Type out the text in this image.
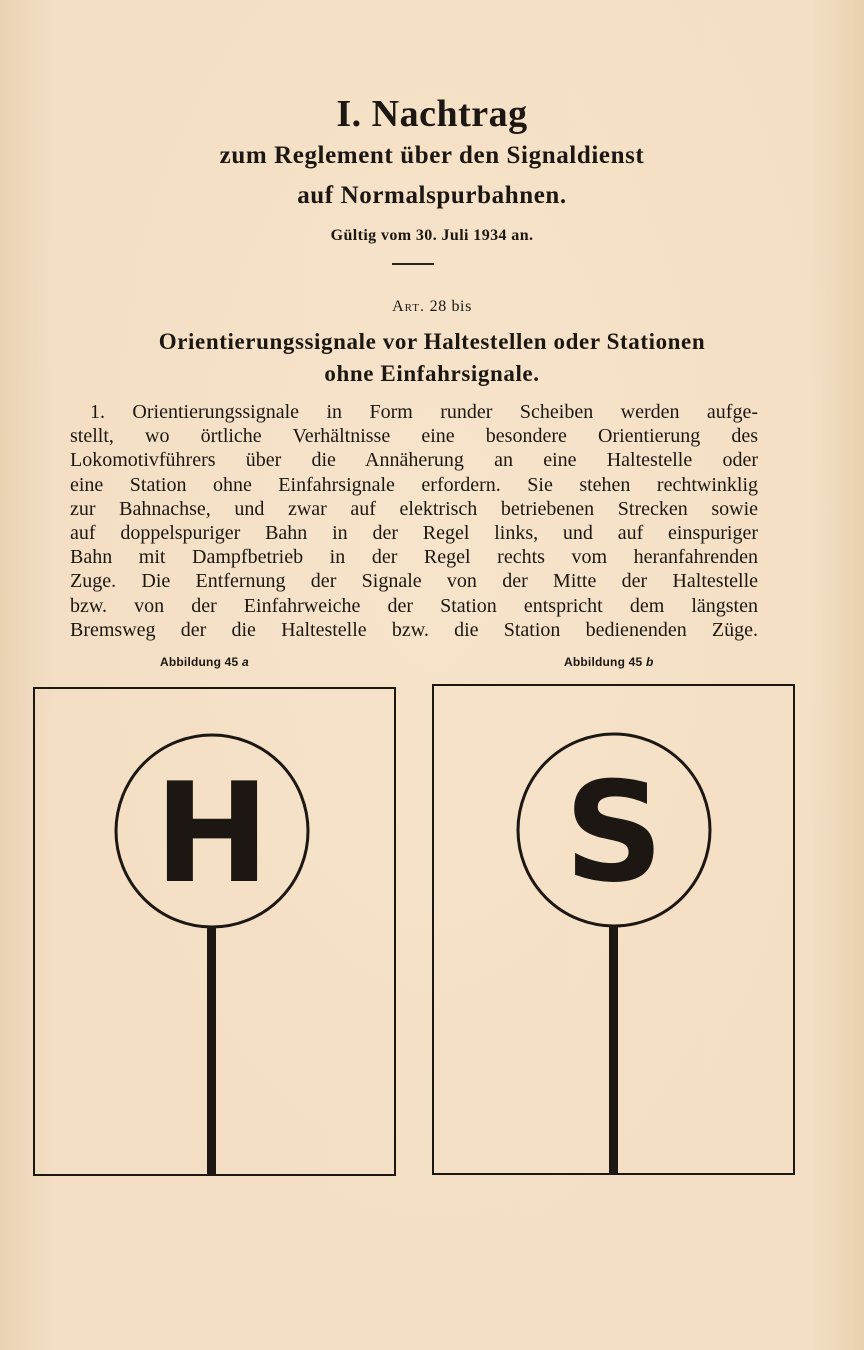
I. Nachtrag
zum Reglement über den Signaldienst
auf Normalspurbahnen.
Gültig vom 30. Juli 1934 an.
Art. 28 bis
Orientierungssignale vor Haltestellen oder Stationen
ohne Einfahrsignale.
1. Orientierungssignale in Form runder Scheiben werden aufge-
stellt, wo örtliche Verhältnisse eine besondere Orientierung des
Lokomotivführers über die Annäherung an eine Haltestelle oder
eine Station ohne Einfahrsignale erfordern. Sie stehen rechtwinklig
zur Bahnachse, und zwar auf elektrisch betriebenen Strecken sowie
auf doppelspuriger Bahn in der Regel links, und auf einspuriger
Bahn mit Dampfbetrieb in der Regel rechts vom heranfahrenden
Zuge. Die Entfernung der Signale von der Mitte der Haltestelle
bzw. von der Einfahrweiche der Station entspricht dem längsten
Bremsweg der die Haltestelle bzw. die Station bedienenden Züge.
Abbildung 45 a	Abbildung 45 b
H S
